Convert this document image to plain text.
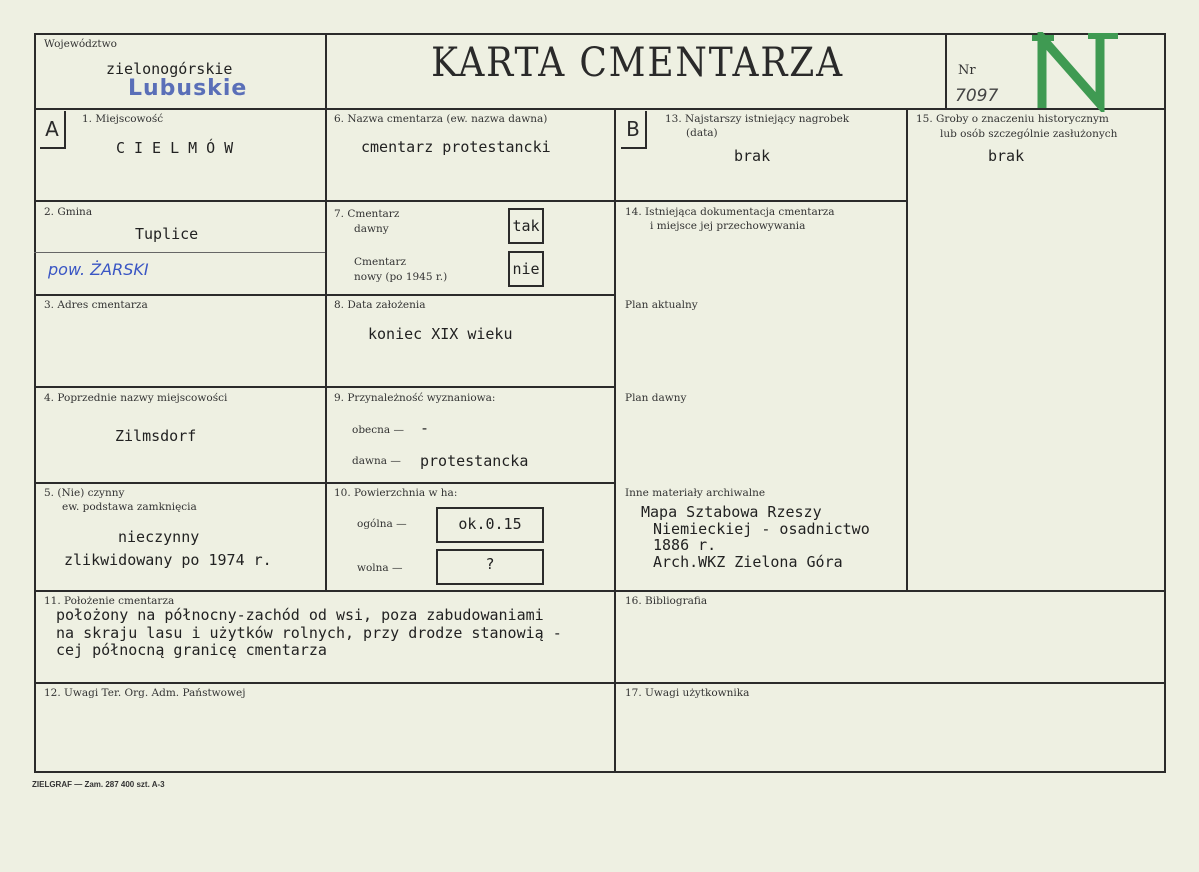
Województwo
zielonogórskie
Lubuskie
KARTA CMENTARZA	Nr
7097
A	B
1. Miejscowość
CIELMÓW
2. Gmina
Tuplice
pow. ŻARSKI
3. Adres cmentarza
4. Poprzednie nazwy miejscowości
Zilmsdorf
5. (Nie) czynny
ew. podstawa zamknięcia
nieczynny
zlikwidowany po 1974 r.
6. Nazwa cmentarza (ew. nazwa dawna)
cmentarz protestancki
7. Cmentarz
dawny	tak
Cmentarz
nowy (po 1945 r.)	nie
8. Data założenia
koniec XIX wieku
9. Przynależność wyznaniowa:
obecna — -
dawna — protestancka
10. Powierzchnia w ha:
ogólna —	ok.0.15
wolna —	?
11. Położenie cmentarza
położony na północny-zachód od wsi, poza zabudowaniami
na skraju lasu i użytków rolnych, przy drodze stanowią -
cej północną granicę cmentarza
12. Uwagi Ter. Org. Adm. Państwowej
13. Najstarszy istniejący nagrobek
(data)
brak
14. Istniejąca dokumentacja cmentarza
i miejsce jej przechowywania
Plan aktualny
Plan dawny
Inne materiały archiwalne
Mapa Sztabowa Rzeszy
Niemieckiej - osadnictwo
1886 r.
Arch.WKZ Zielona Góra
15. Groby o znaczeniu historycznym
lub osób szczególnie zasłużonych
brak
16. Bibliografia
17. Uwagi użytkownika
ZIELGRAF — Zam. 287 400 szt. A-3
